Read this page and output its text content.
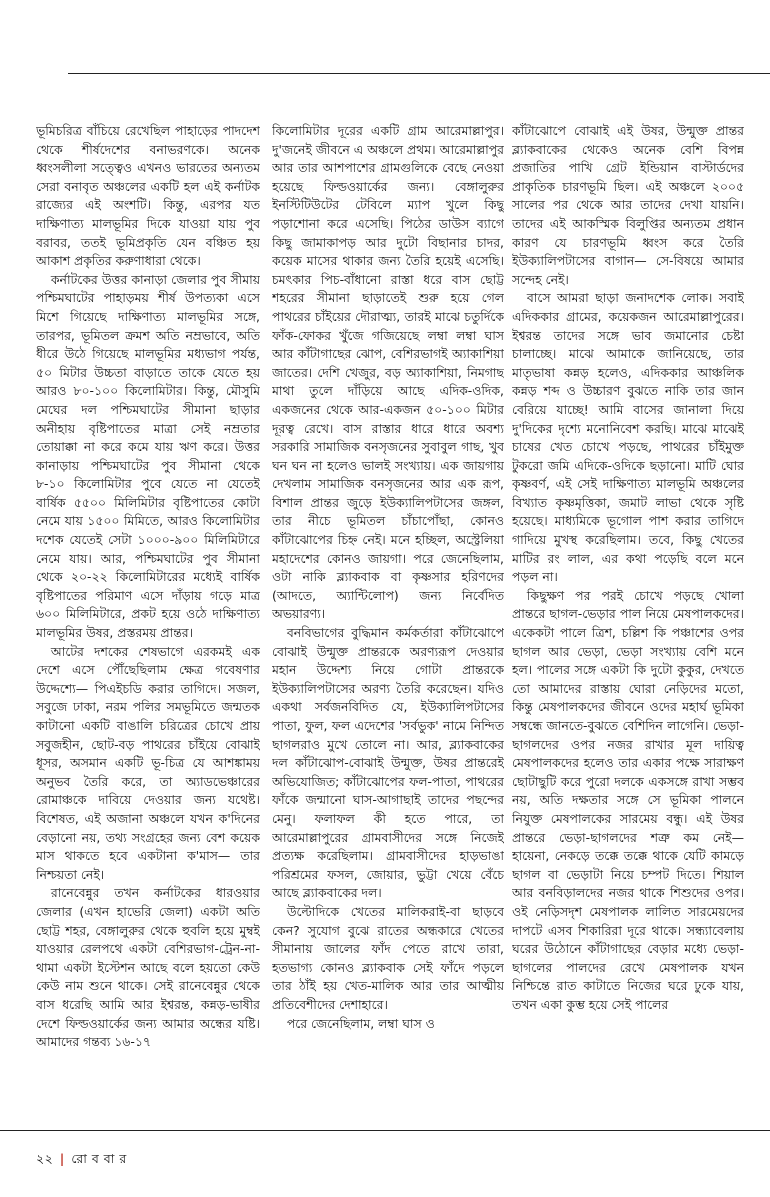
ভূমিচরিত্র বাঁচিয়ে রেখেছিল পাহাড়ের পাদদেশ থেকে শীর্ষদেশের বনাভরণকে। অনেক ধ্বংসলীলা সত্ত্বেও এখনও ভারতের অন্যতম সেরা বনাবৃত অঞ্চলের একটি হল এই কর্নাটক রাজ্যের এই অংশটি। কিন্তু, এরপর যত দাক্ষিণাত্য মালভূমির দিকে যাওয়া যায় পুব বরাবর, ততই ভূমিপ্রকৃতি যেন বঞ্চিত হয় আকাশ প্রকৃতির করুণাধারা থেকে।

কর্নাটকের উত্তর কানাড়া জেলার পুব সীমায় পশ্চিমঘাটের পাহাড়ময় শীর্ষ উপত্যকা এসে মিশে গিয়েছে দাক্ষিণাত্য মালভূমির সঙ্গে, তারপর, ভূমিতল ক্রমশ অতি নম্রভাবে, অতি ধীরে উঠে গিয়েছে মালভূমির মধ্যভাগ পর্যন্ত, ৫০ মিটার উচ্চতা বাড়াতে তাকে যেতে হয় আরও ৮০-১০০ কিলোমিটার। কিন্তু, মৌসুমি মেঘের দল পশ্চিমঘাটের সীমানা ছাড়ার অনীহায় বৃষ্টিপাতের মাত্রা সেই নম্রতার তোয়াক্কা না করে কমে যায় ঋণ করে। উত্তর কানাড়ায় পশ্চিমঘাটের পুব সীমানা থেকে ৮-১০ কিলোমিটার পুবে যেতে না যেতেই বার্ষিক ৫৫০০ মিলিমিটার বৃষ্টিপাতের কোটা নেমে যায় ১৫০০ মিমিতে, আরও কিলোমিটার দশেক যেতেই সেটা ১০০০-৯০০ মিলিমিটারে নেমে যায়। আর, পশ্চিমঘাটের পুব সীমানা থেকে ২০-২২ কিলোমিটারের মধ্যেই বার্ষিক বৃষ্টিপাতের পরিমাণ এসে দাঁড়ায় গড়ে মাত্র ৬০০ মিলিমিটারে, প্রকট হয়ে ওঠে দাক্ষিণাত্য মালভূমির উষর, প্রস্তরময় প্রান্তর।

আটের দশকের শেষভাগে এরকমই এক দেশে এসে পৌঁছেছিলাম ক্ষেত্র গবেষণার উদ্দেশ্যে— পিএইচডি করার তাগিদে। সজল, সবুজে ঢাকা, নরম পলির সমভূমিতে জন্মতক কাটানো একটি বাঙালি চরিত্রের চোখে প্রায় সবুজহীন, ছোট-বড় পাথরের চাঁইয়ে বোঝাই ধূসর, অসমান একটি ভূ-চিত্র যে আশঙ্কাময় অনুভব তৈরি করে, তা অ্যাডভেঞ্চারের রোমাঞ্চকে দাবিয়ে দেওয়ার জন্য যথেষ্ট। বিশেষত, এই অজানা অঞ্চলে যখন ক'দিনের বেড়ানো নয়, তথ্য সংগ্রহের জন্য বেশ কয়েক মাস থাকতে হবে একটানা ক'মাস— তার নিশ্চয়তা নেই।

রানেবেন্নুর তখন কর্নাটকের ধারওয়ার জেলার (এখন হাভেরি জেলা) একটা অতি ছোট্ট শহর, বেঙ্গালুরুর থেকে হুবলি হয়ে মুম্বই যাওয়ার রেলপথে একটা বেশিরভাগ-ট্রেন-না-থামা একটা ইস্টেশন আছে বলে হয়তো কেউ কেউ নাম শুনে থাকে। সেই রানেবেন্নুর থেকে বাস ধরেছি আমি আর ইশ্বরন্ত, কন্নড়-ভাষীর দেশে ফিল্ডওয়ার্কের জন্য আমার অন্ধের যষ্টি। আমাদের গন্তব্য ১৬-১৭

কিলোমিটার দূরের একটি গ্রাম আরেমাল্লাপুর। দু'জনেই জীবনে এ অঞ্চলে প্রথম। আরেমাল্লাপুর আর তার আশপাশের গ্রামগুলিকে বেছে নেওয়া হয়েছে ফিল্ডওয়ার্কের জন্য। বেঙ্গালুরুর ইনস্টিটিউটের টেবিলে ম্যাপ খুলে কিছু পড়াশোনা করে এসেছি। পিঠের ডাউস ব্যাগে কিছু জামাকাপড় আর দুটো বিছানার চাদর, কয়েক মাসের থাকার জন্য তৈরি হয়েই এসেছি। চমৎকার পিচ-বাঁধানো রাস্তা ধরে বাস ছোট্ট শহরের সীমানা ছাড়াতেই শুরু হয়ে গেল পাথরের চাঁইয়ের দৌরাত্ম্য, তারই মাঝে চতুর্দিকে ফাঁক-ফোকর খুঁজে গজিয়েছে লম্বা লম্বা ঘাস আর কাঁটাগাছের ঝোপ, বেশিরভাগই অ্যাকাশিয়া জাতের। দেশি খেজুর, বড় অ্যাকাশিয়া, নিমগাছ মাথা তুলে দাঁড়িয়ে আছে এদিক-ওদিক, একজনের থেকে আর-একজন ৫০-১০০ মিটার দূরত্ব রেখে। বাস রাস্তার ধারে ধারে অবশ্য সরকারি সামাজিক বনসৃজনের সুবাবুল গাছ, খুব ঘন ঘন না হলেও ভালই সংখ্যায়। এক জায়গায় দেখলাম সামাজিক বনসৃজনের আর এক রূপ, বিশাল প্রান্তর জুড়ে ইউক্যালিপটাসের জঙ্গল, তার নীচে ভূমিতল চাঁচাপোঁছা, কোনও কাঁটাঝোপের চিহ্ন নেই। মনে হচ্ছিল, অস্ট্রেলিয়া মহাদেশের কোনও জায়গা। পরে জেনেছিলাম, ওটা নাকি ব্ল্যাকবাক বা কৃষ্ণসার হরিণদের (আদতে, অ্যান্টিলোপ) জন্য নির্বেদিত অভয়ারণ্য।

বনবিভাগের বুদ্ধিমান কর্মকর্তারা কাঁটাঝোপে বোঝাই উন্মুক্ত প্রান্তরকে অরণ্যরূপ দেওয়ার মহান উদ্দেশ্য নিয়ে গোটা প্রান্তরকে ইউক্যালিপটাসের অরণ্য তৈরি করেছেন। যদিও একথা সর্বজনবিদিত যে, ইউক্যালিপটাসের পাতা, ফুল, ফল এদেশের 'সর্বভুক' নামে নিন্দিত ছাগলরাও মুখে তোলে না। আর, ব্ল্যাকবাকের দল কাঁটাঝোপ-বোঝাই উন্মুক্ত, উষর প্রান্তরেই অভিযোজিত; কাঁটাঝোপের ফল-পাতা, পাথরের ফাঁকে জন্মানো ঘাস-আগাছাই তাদের পছন্দের মেনু। ফলাফল কী হতে পারে, তা আরেমাল্লাপুরের গ্রামবাসীদের সঙ্গে নিজেই প্রত্যক্ষ করেছিলাম। গ্রামবাসীদের হাড়ভাঙা পরিশ্রমের ফসল, জোয়ার, ভুট্টা খেয়ে বেঁচে আছে ব্ল্যাকবাকের দল।

উল্টোদিকে খেতের মালিকরাই-বা ছাড়বে কেন? সুযোগ বুঝে রাতের অন্ধকারে খেতের সীমানায় জালের ফাঁদ পেতে রাখে তারা, হতভাগ্য কোনও ব্ল্যাকবাক সেই ফাঁদে পড়লে তার ঠাঁই হয় খেত-মালিক আর তার আত্মীয় প্রতিবেশীদের দেশাহারে।

পরে জেনেছিলাম, লম্বা ঘাস ও

কাঁটাঝোপে বোঝাই এই উষর, উন্মুক্ত প্রান্তর ব্ল্যাকবাকের থেকেও অনেক বেশি বিপন্ন প্রজাতির পাখি গ্রেট ইন্ডিয়ান বাস্টার্ডদের প্রাকৃতিক চারণভূমি ছিল। এই অঞ্চলে ২০০৫ সালের পর থেকে আর তাদের দেখা যায়নি। তাদের এই আকস্মিক বিলুপ্তির অন্যতম প্রধান কারণ যে চারণভূমি ধ্বংস করে তৈরি ইউক্যালিপটাসের বাগান— সে-বিষয়ে আমার সন্দেহ নেই।

বাসে আমরা ছাড়া জনাদশেক লোক। সবাই এদিককার গ্রামের, কয়েকজন আরেমাল্লাপুরের। ইশ্বরন্ত তাদের সঙ্গে ভাব জমানোর চেষ্টা চালাচ্ছে। মাঝে আমাকে জানিয়েছে, তার মাতৃভাষা কন্নড় হলেও, এদিককার আঞ্চলিক কন্নড় শব্দ ও উচ্চারণ বুঝতে নাকি তার জান বেরিয়ে যাচ্ছে! আমি বাসের জানালা দিয়ে দু'দিকের দৃশ্যে মনোনিবেশ করছি। মাঝে মাঝেই চাষের খেত চোখে পড়ছে, পাথরের চাঁইমুক্ত টুকরো জমি এদিকে-ওদিকে ছড়ানো। মাটি ঘোর কৃষ্ণবর্ণ, এই সেই দাক্ষিণাত্য মালভূমি অঞ্চলের বিখ্যাত কৃষ্ণমৃত্তিকা, জমাট লাভা থেকে সৃষ্টি হয়েছে। মাধ্যমিকে ভূগোল পাশ করার তাগিদে গাদিয়ে মুখস্থ করেছিলাম। তবে, কিছু খেতের মাটির রং লাল, এর কথা পড়েছি বলে মনে পড়ল না।

কিছুক্ষণ পর পরই চোখে পড়ছে খোলা প্রান্তরে ছাগল-ভেড়ার পাল নিয়ে মেষপালকদের। একেকটা পালে ত্রিশ, চল্লিশ কি পঞ্চাশের ওপর ছাগল আর ভেড়া, ভেড়া সংখ্যায় বেশি মনে হল। পালের সঙ্গে একটা কি দুটো কুকুর, দেখতে তো আমাদের রাস্তায় ঘোরা নেড়িদের মতো, কিন্তু মেষপালকদের জীবনে ওদের মহার্ঘ ভূমিকা সম্বন্ধে জানতে-বুঝতে বেশিদিন লাগেনি। ভেড়া-ছাগলদের ওপর নজর রাখার মূল দায়িত্ব মেষপালকদের হলেও তার একার পক্ষে সারাক্ষণ ছোটাছুটি করে পুরো দলকে একসঙ্গে রাখা সম্ভব নয়, অতি দক্ষতার সঙ্গে সে ভূমিকা পালনে নিযুক্ত মেষপালকের সারমেয় বন্ধু। এই উষর প্রান্তরে ভেড়া-ছাগলদের শত্রু কম নেই— হায়েনা, নেকড়ে তক্কে তক্কে থাকে যেটি কামড়ে ছাগল বা ভেড়াটা নিয়ে চম্পট দিতে। শিয়াল আর বনবিড়ালদের নজর থাকে শিশুদের ওপর। ওই নেড়িসদৃশ মেষপালক লালিত সারমেয়দের দাপটে এসব শিকারিরা দূরে থাকে। সন্ধ্যাবেলায় ঘরের উঠোনে কাঁটাগাছের বেড়ার মধ্যে ভেড়া-ছাগলের পালদের রেখে মেষপালক যখন নিশ্চিন্তে রাত কাটাতে নিজের ঘরে ঢুকে যায়, তখন একা কুম্ভ হয়ে সেই পালের

২২ | রো ব বা র
